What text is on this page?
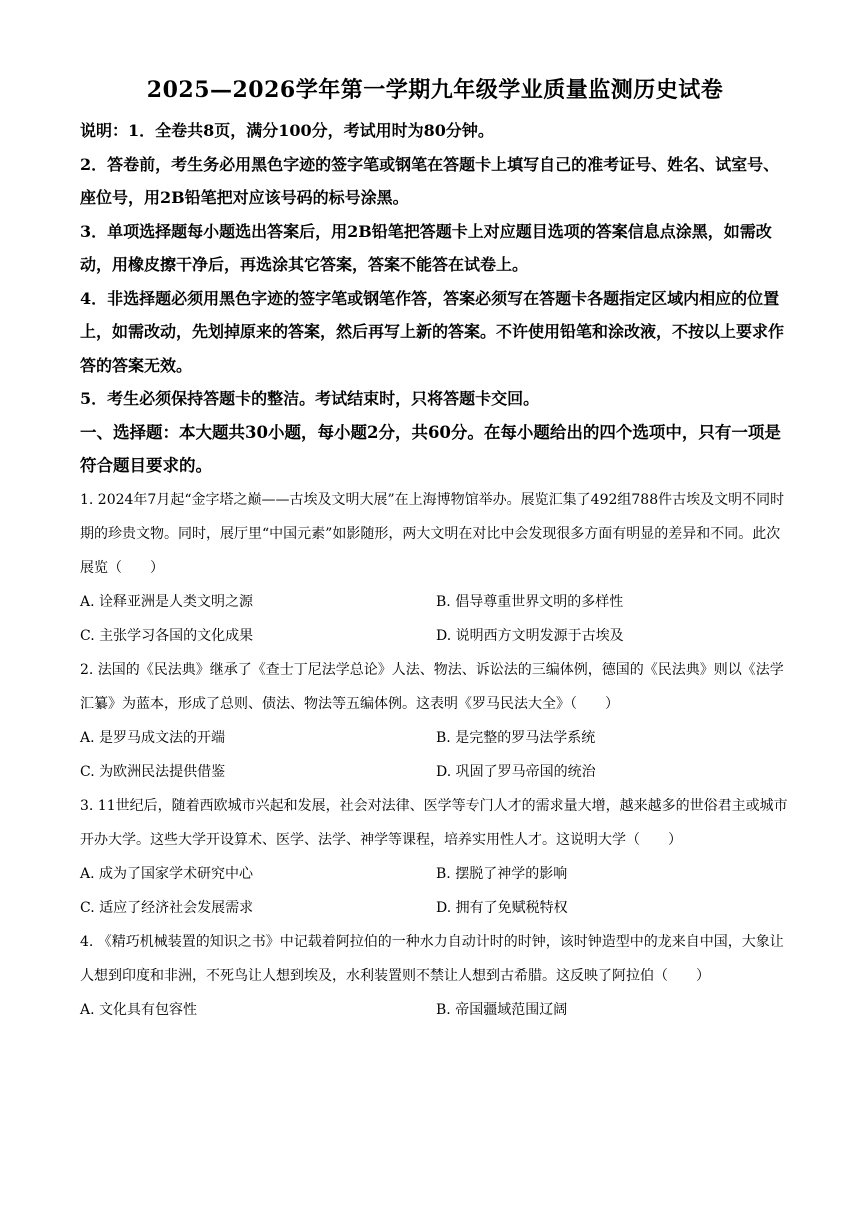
2025—2026学年第一学期九年级学业质量监测历史试卷

说明：1．全卷共8页，满分100分，考试用时为80分钟。

2．答卷前，考生务必用黑色字迹的签字笔或钢笔在答题卡上填写自己的准考证号、姓名、试室号、座位号，用2B铅笔把对应该号码的标号涂黑。

3．单项选择题每小题选出答案后，用2B铅笔把答题卡上对应题目选项的答案信息点涂黑，如需改动，用橡皮擦干净后，再选涂其它答案，答案不能答在试卷上。

4．非选择题必须用黑色字迹的签字笔或钢笔作答，答案必须写在答题卡各题指定区域内相应的位置上，如需改动，先划掉原来的答案，然后再写上新的答案。不许使用铅笔和涂改液，不按以上要求作答的答案无效。

5．考生必须保持答题卡的整洁。考试结束时，只将答题卡交回。

一、选择题：本大题共30小题，每小题2分，共60分。在每小题给出的四个选项中，只有一项是符合题目要求的。

1. 2024年7月起“金字塔之巅——古埃及文明大展”在上海博物馆举办。展览汇集了492组788件古埃及文明不同时期的珍贵文物。同时，展厅里“中国元素”如影随形，两大文明在对比中会发现很多方面有明显的差异和不同。此次展览（　　）

A. 诠释亚洲是人类文明之源	B. 倡导尊重世界文明的多样性
C. 主张学习各国的文化成果	D. 说明西方文明发源于古埃及

2. 法国的《民法典》继承了《查士丁尼法学总论》人法、物法、诉讼法的三编体例，德国的《民法典》则以《法学汇纂》为蓝本，形成了总则、债法、物法等五编体例。这表明《罗马民法大全》（　　）

A. 是罗马成文法的开端	B. 是完整的罗马法学系统
C. 为欧洲民法提供借鉴	D. 巩固了罗马帝国的统治

3. 11世纪后，随着西欧城市兴起和发展，社会对法律、医学等专门人才的需求量大增，越来越多的世俗君主或城市开办大学。这些大学开设算术、医学、法学、神学等课程，培养实用性人才。这说明大学（　　）

A. 成为了国家学术研究中心	B. 摆脱了神学的影响
C. 适应了经济社会发展需求	D. 拥有了免赋税特权

4. 《精巧机械装置的知识之书》中记载着阿拉伯的一种水力自动计时的时钟，该时钟造型中的龙来自中国，大象让人想到印度和非洲，不死鸟让人想到埃及，水利装置则不禁让人想到古希腊。这反映了阿拉伯（　　）

A. 文化具有包容性	B. 帝国疆域范围辽阔
